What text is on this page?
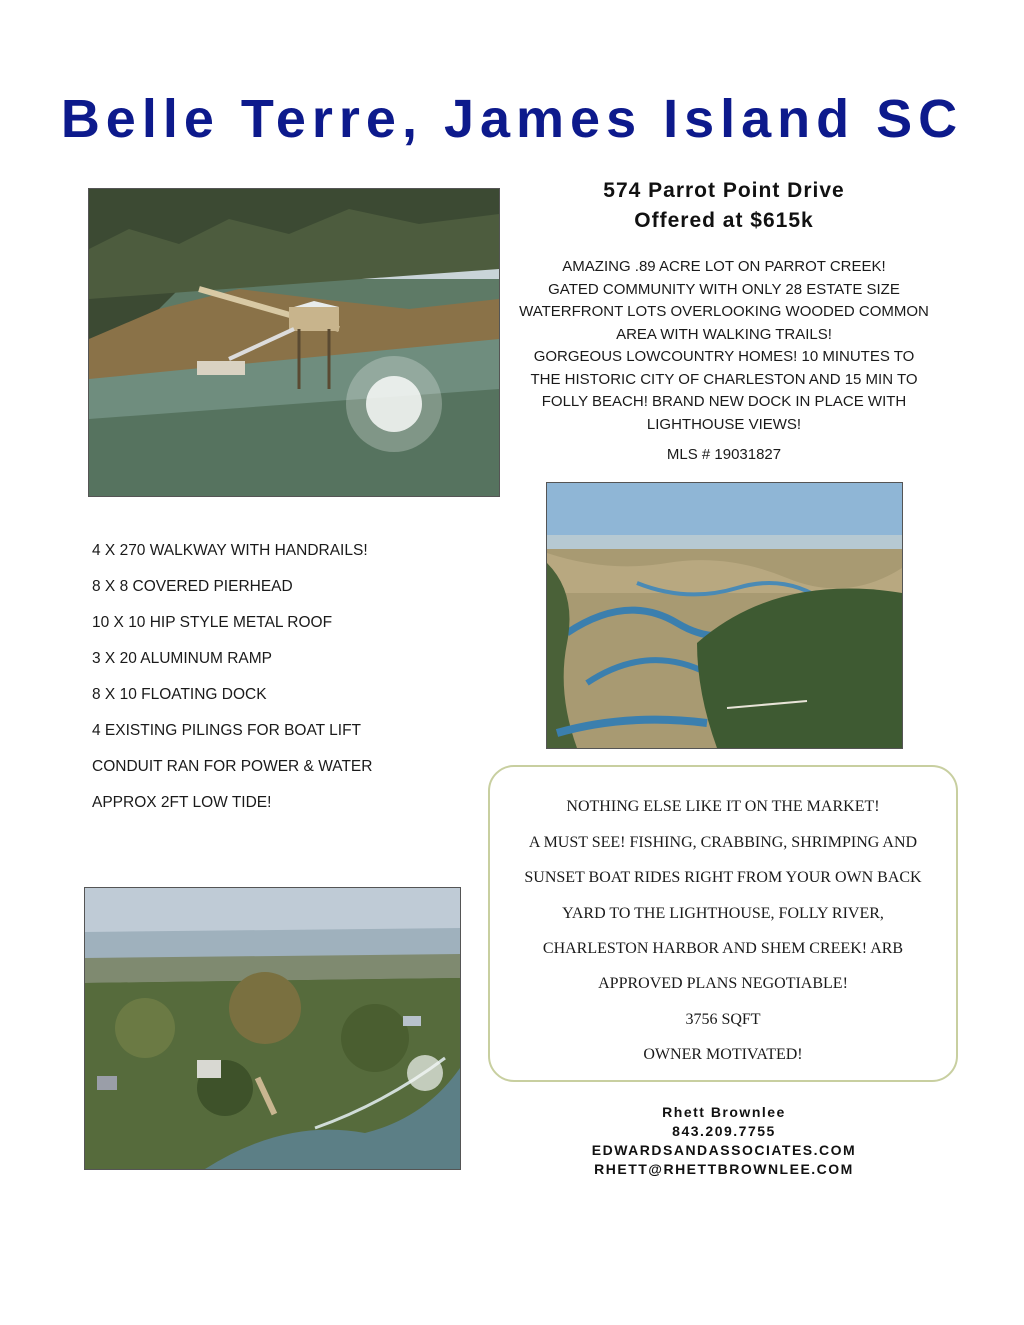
Belle Terre, James Island SC
574 Parrot Point Drive
Offered at $615k
AMAZING .89 ACRE LOT ON PARROT CREEK!
GATED COMMUNITY WITH ONLY 28 ESTATE SIZE
WATERFRONT LOTS OVERLOOKING WOODED COMMON
AREA WITH WALKING TRAILS!
GORGEOUS LOWCOUNTRY HOMES! 10 MINUTES TO
THE HISTORIC CITY OF CHARLESTON AND 15 MIN TO
FOLLY BEACH! BRAND NEW DOCK IN PLACE WITH
LIGHTHOUSE VIEWS!
MLS # 19031827
4 X 270 WALKWAY WITH HANDRAILS!
8 X 8 COVERED PIERHEAD
10 X 10 HIP STYLE METAL ROOF
3 X 20 ALUMINUM RAMP
8 X 10 FLOATING DOCK
4 EXISTING PILINGS FOR BOAT LIFT
CONDUIT RAN FOR POWER & WATER
APPROX 2FT LOW TIDE!	NOTHING ELSE LIKE IT ON THE MARKET!
A MUST SEE! FISHING, CRABBING, SHRIMPING AND
SUNSET BOAT RIDES RIGHT FROM YOUR OWN BACK
YARD TO THE LIGHTHOUSE, FOLLY RIVER,
CHARLESTON HARBOR AND SHEM CREEK! ARB
APPROVED PLANS NEGOTIABLE!
3756 SQFT
OWNER MOTIVATED!
Rhett Brownlee
843.209.7755
EDWARDSANDASSOCIATES.COM
RHETT@RHETTBROWNLEE.COM
